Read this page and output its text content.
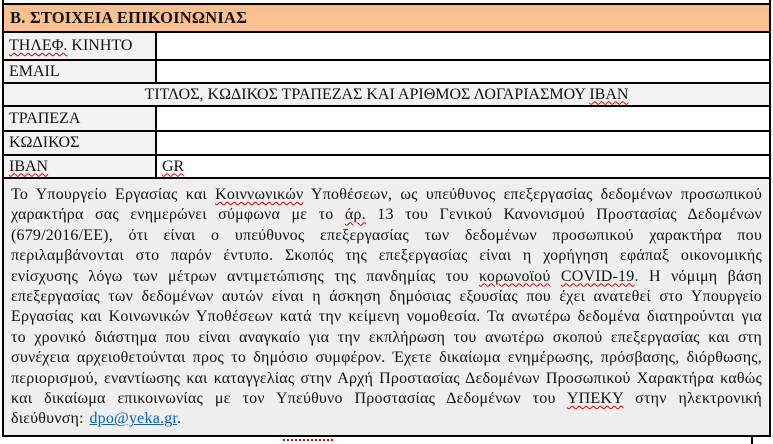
Β. ΣΤΟΙΧΕΙΑ ΕΠΙΚΟΙΝΩΝΙΑΣ
ΤΗΛΕΦ. ΚΙΝΗΤΟ
EMAIL
ΤΙΤΛΟΣ, ΚΩΔΙΚΟΣ ΤΡΑΠΕΖΑΣ ΚΑΙ ΑΡΙΘΜΟΣ ΛΟΓΑΡΙΑΣΜΟΥ IBAN
ΤΡΑΠΕΖΑ
ΚΩΔΙΚΟΣ
IBAN	GR
Το Υπουργείο Εργασίας και Κοιννωνικών Υποθέσεων, ως υπεύθυνος επεξεργασίας δεδομένων προσωπικού χαρακτήρα σας ενημερώνει σύμφωνα με το άρ. 13 του Γενικού Κανονισμού Προστασίας Δεδομένων (679/2016/ΕΕ), ότι είναι ο υπεύθυνος επεξεργασίας των δεδομένων προσωπικού χαρακτήρα που περιλαμβάνονται στο παρόν έντυπο. Σκοπός της επεξεργασίας είναι η χορήγηση εφάπαξ οικονομικής ενίσχυσης λόγω των μέτρων αντιμετώπισης της πανδημίας του κορωνοϊού COVID-19. Η νόμιμη βάση επεξεργασίας των δεδομένων αυτών είναι η άσκηση δημόσιας εξουσίας που έχει ανατεθεί στο Υπουργείο Εργασίας και Κοινωνικών Υποθέσεων κατά την κείμενη νομοθεσία. Τα ανωτέρω δεδομένα διατηρούνται για το χρονικό διάστημα που είναι αναγκαίο για την εκπλήρωση του ανωτέρω σκοπού επεξεργασίας και στη συνέχεια αρχειοθετούνται προς το δημόσιο συμφέρον. Έχετε δικαίωμα ενημέρωσης, πρόσβασης, διόρθωσης, περιορισμού, εναντίωσης και καταγγελίας στην Αρχή Προστασίας Δεδομένων Προσωπικού Χαρακτήρα καθώς και δικαίωμα επικοινωνίας με τον Υπεύθυνο Προστασίας Δεδομένων του ΥΠΕΚΥ στην ηλεκτρονική διεύθυνση: dpo@yeka.gr.
